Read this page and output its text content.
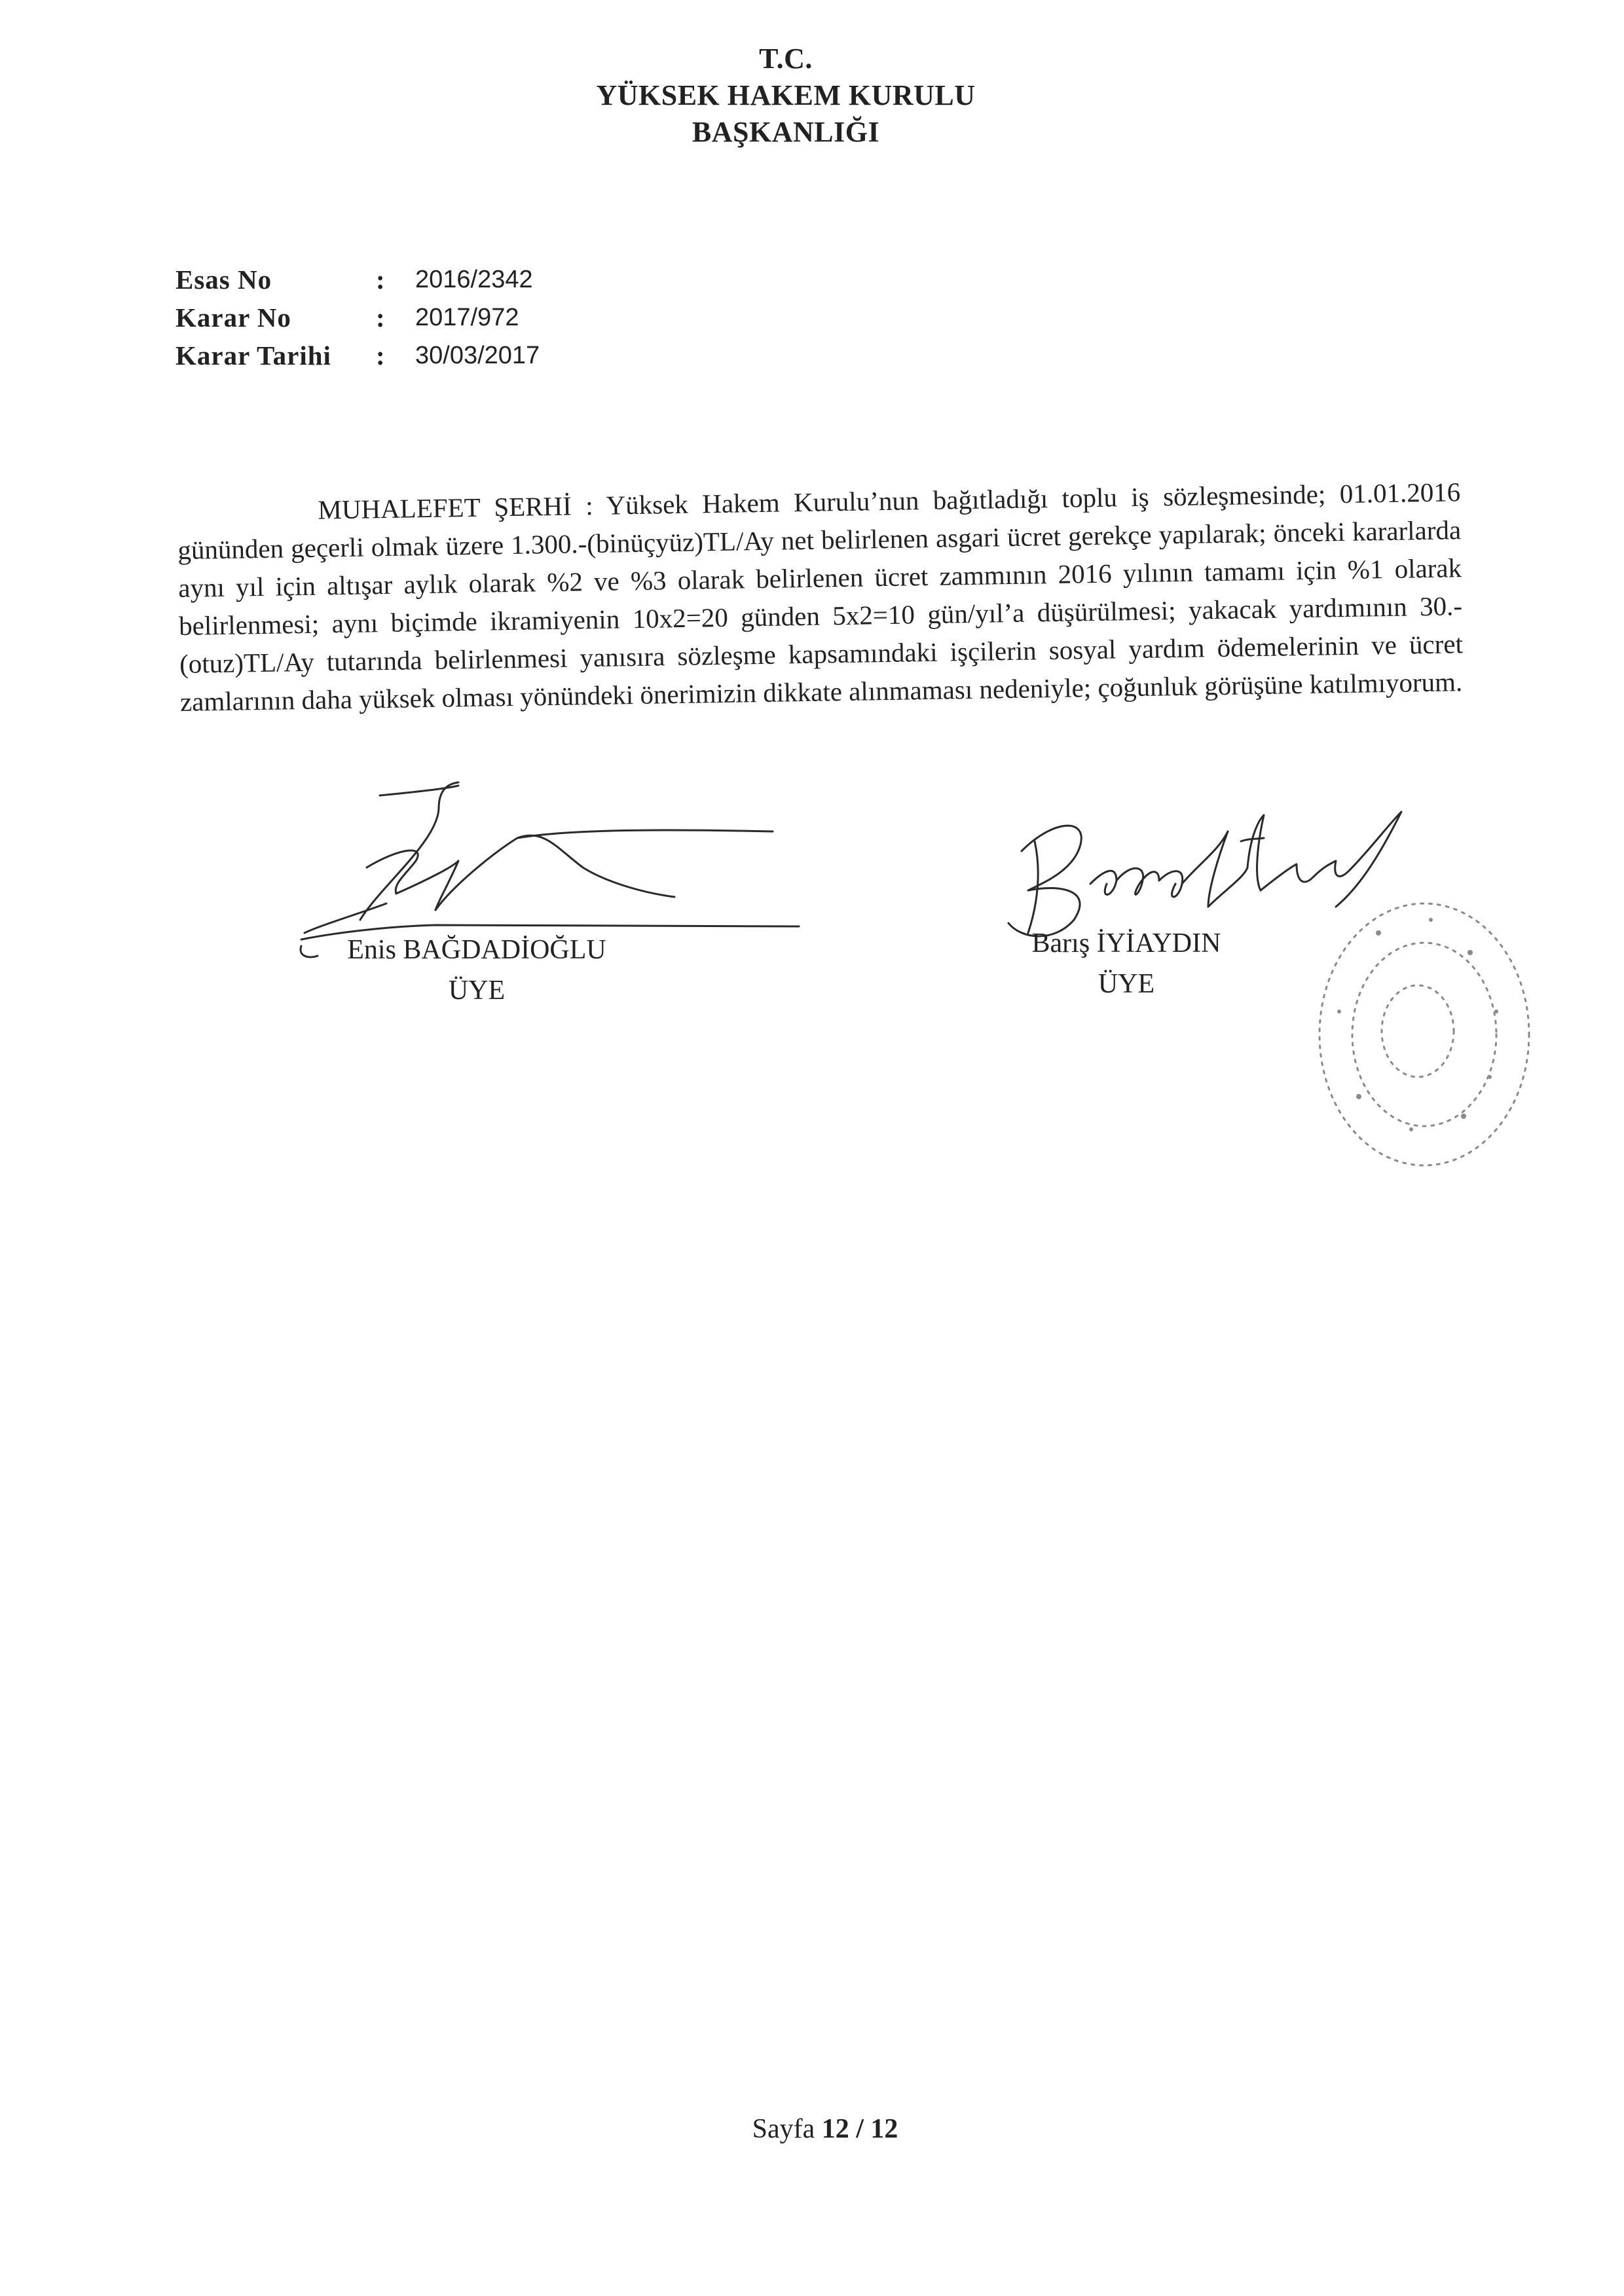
T.C.
YÜKSEK HAKEM KURULU
BAŞKANLIĞI
Esas No	:	2016/2342
Karar No	:	2017/972
Karar Tarihi	:	30/03/2017

MUHALEFET ŞERHİ : Yüksek Hakem Kurulu’nun bağıtladığı toplu iş sözleşmesinde; 01.01.2016 gününden geçerli olmak üzere 1.300.-(binüçyüz)TL/Ay net belirlenen asgari ücret gerekçe yapılarak; önceki kararlarda aynı yıl için altışar aylık olarak %2 ve %3 olarak belirlenen ücret zammının 2016 yılının tamamı için %1 olarak belirlenmesi; aynı biçimde ikramiyenin 10x2=20 günden 5x2=10 gün/yıl’a düşürülmesi; yakacak yardımının 30.-(otuz)TL/Ay tutarında belirlenmesi yanısıra sözleşme kapsamındaki işçilerin sosyal yardım ödemelerinin ve ücret zamlarının daha yüksek olması yönündeki önerimizin dikkate alınmaması nedeniyle; çoğunluk görüşüne katılmıyorum.

Enis BAĞDADİOĞLU
ÜYE
Barış İYİAYDIN
ÜYE
Sayfa 12 / 12
